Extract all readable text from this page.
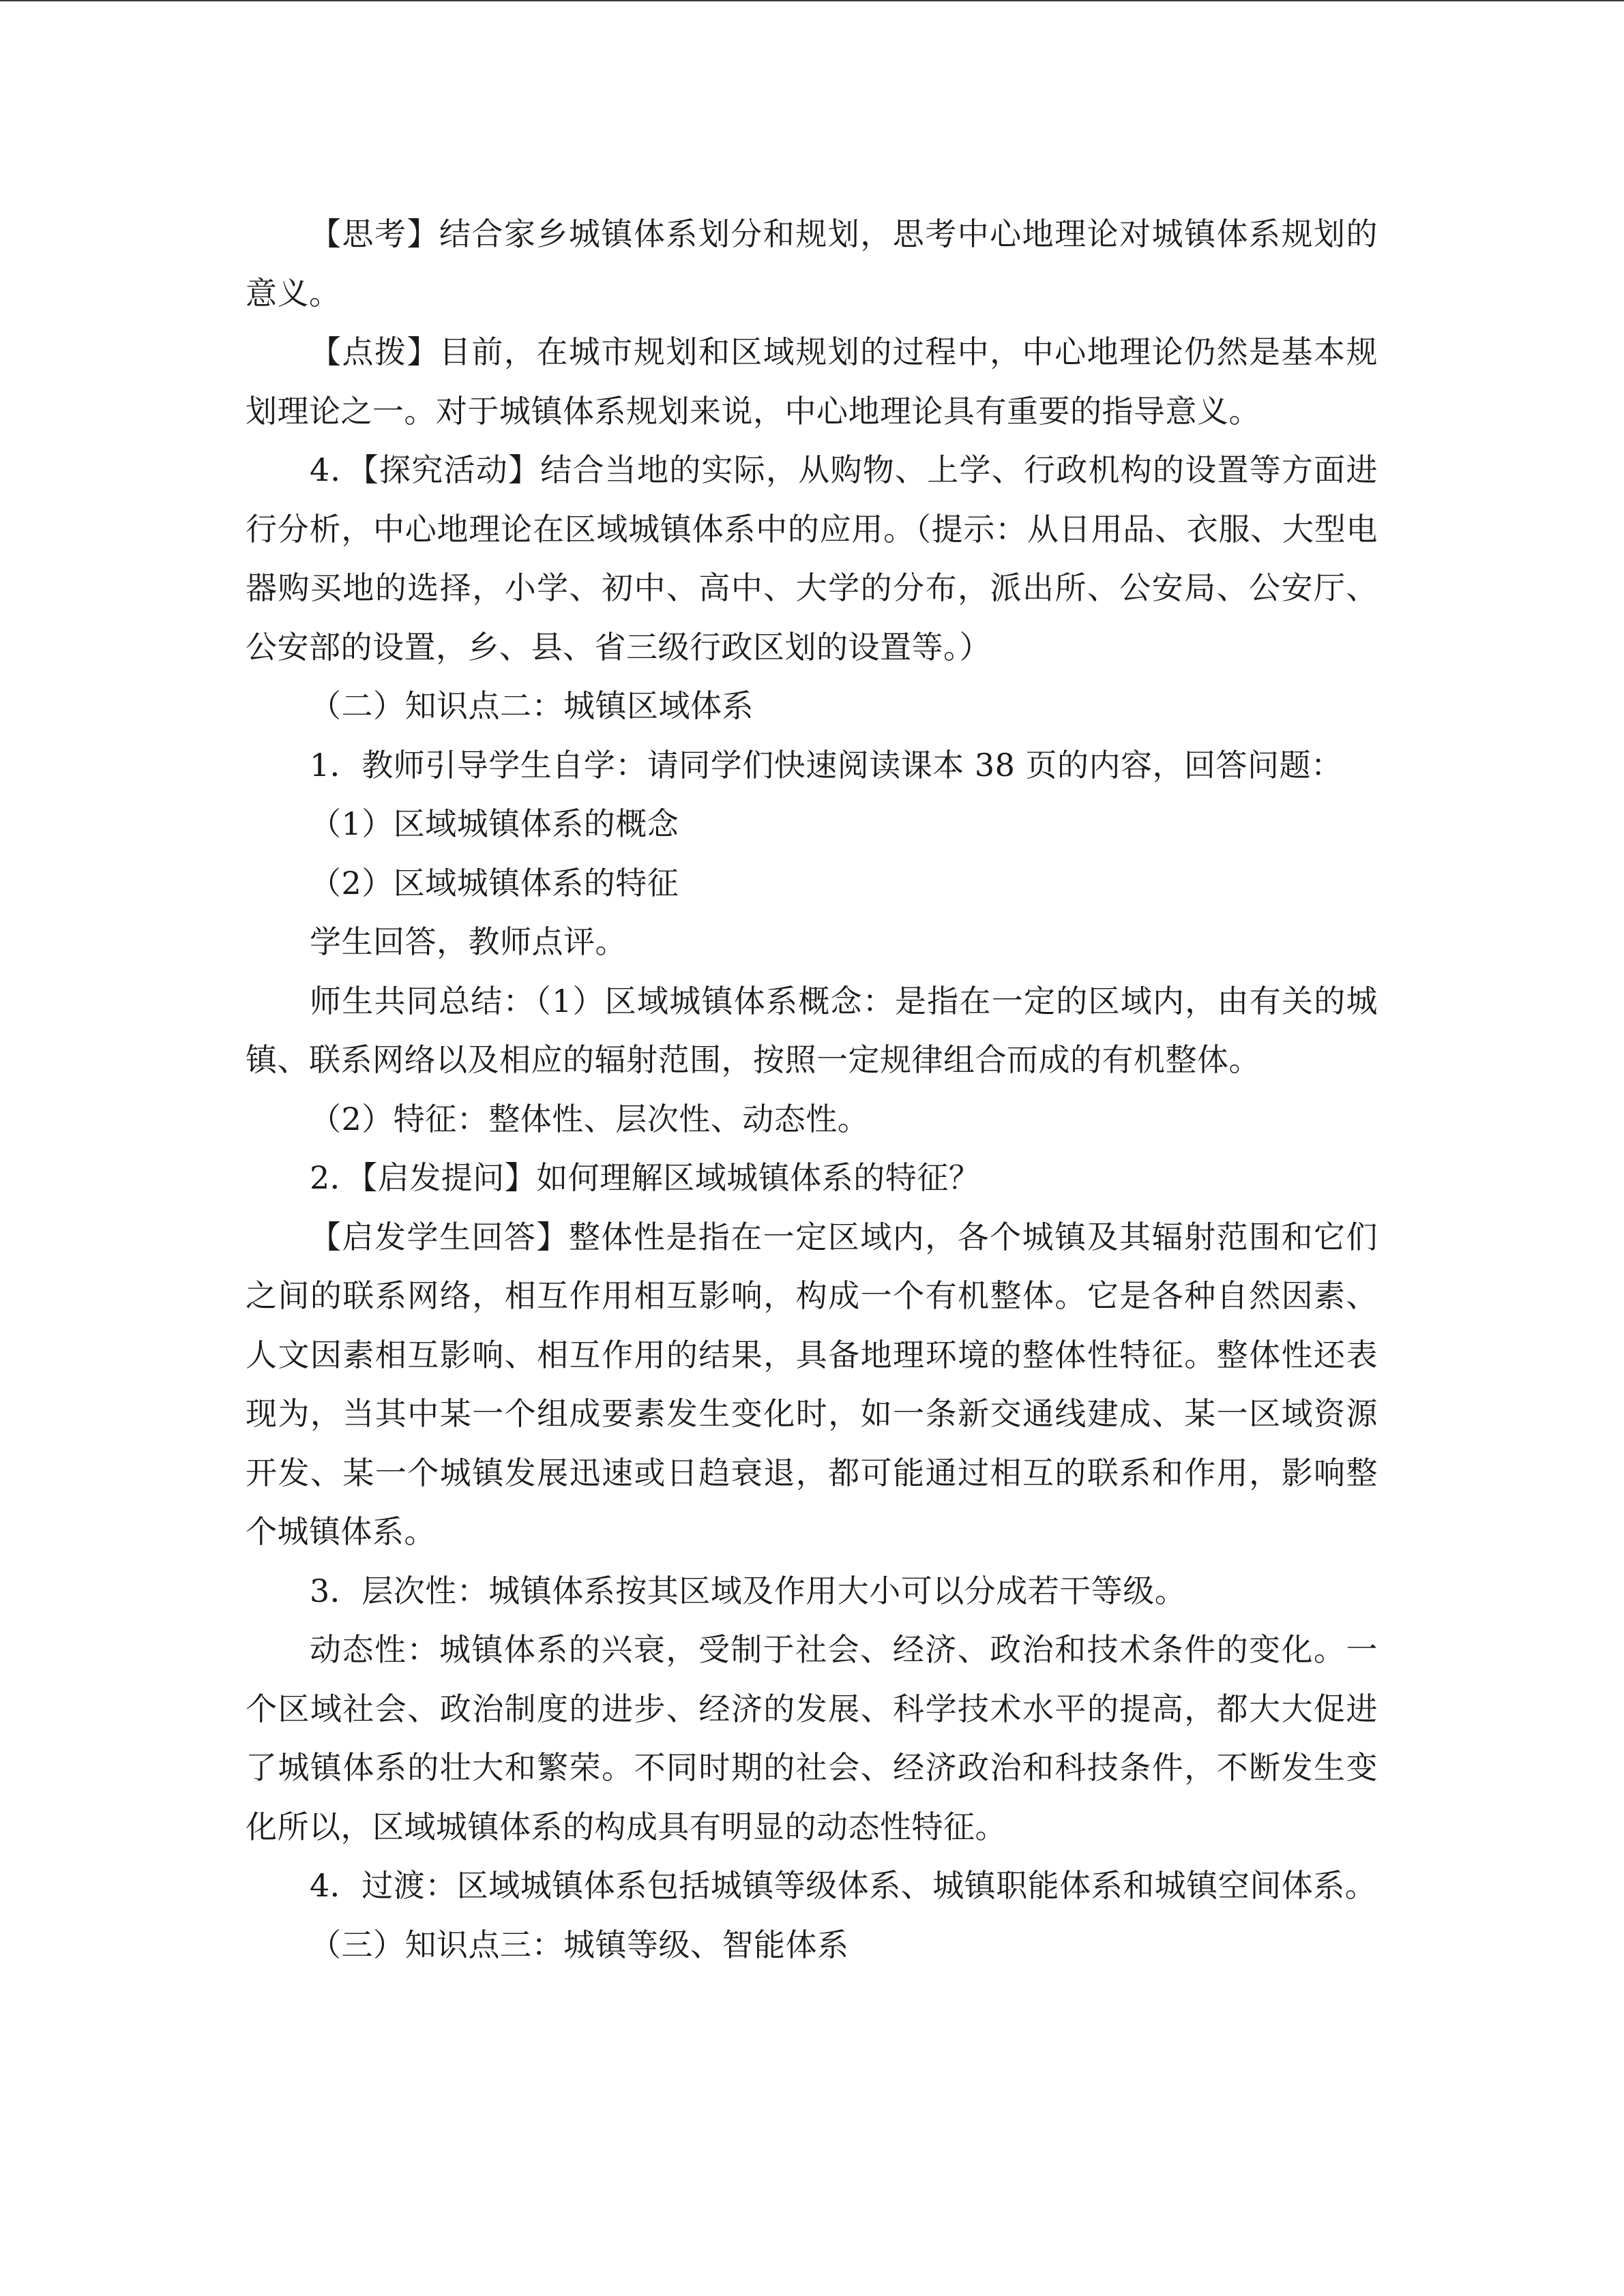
【思考】结合家乡城镇体系划分和规划，思考中心地理论对城镇体系规划的意义。

【点拨】目前，在城市规划和区域规划的过程中，中心地理论仍然是基本规划理论之一。对于城镇体系规划来说，中心地理论具有重要的指导意义。

4．【探究活动】结合当地的实际，从购物、上学、行政机构的设置等方面进行分析，中心地理论在区域城镇体系中的应用。（提示：从日用品、衣服、大型电器购买地的选择，小学、初中、高中、大学的分布，派出所、公安局、公安厅、公安部的设置，乡、县、省三级行政区划的设置等。）

（二）知识点二：城镇区域体系

1．教师引导学生自学：请同学们快速阅读课本 38 页的内容，回答问题：

（1）区域城镇体系的概念

（2）区域城镇体系的特征

学生回答，教师点评。

师生共同总结：（1）区域城镇体系概念：是指在一定的区域内，由有关的城镇、联系网络以及相应的辐射范围，按照一定规律组合而成的有机整体。

（2）特征：整体性、层次性、动态性。

2．【启发提问】如何理解区域城镇体系的特征？

【启发学生回答】整体性是指在一定区域内，各个城镇及其辐射范围和它们之间的联系网络，相互作用相互影响，构成一个有机整体。它是各种自然因素、人文因素相互影响、相互作用的结果，具备地理环境的整体性特征。整体性还表现为，当其中某一个组成要素发生变化时，如一条新交通线建成、某一区域资源开发、某一个城镇发展迅速或日趋衰退，都可能通过相互的联系和作用，影响整个城镇体系。

3．层次性：城镇体系按其区域及作用大小可以分成若干等级。

动态性：城镇体系的兴衰，受制于社会、经济、政治和技术条件的变化。一个区域社会、政治制度的进步、经济的发展、科学技术水平的提高，都大大促进了城镇体系的壮大和繁荣。不同时期的社会、经济政治和科技条件，不断发生变化所以，区域城镇体系的构成具有明显的动态性特征。

4．过渡：区域城镇体系包括城镇等级体系、城镇职能体系和城镇空间体系。

（三）知识点三：城镇等级、智能体系
